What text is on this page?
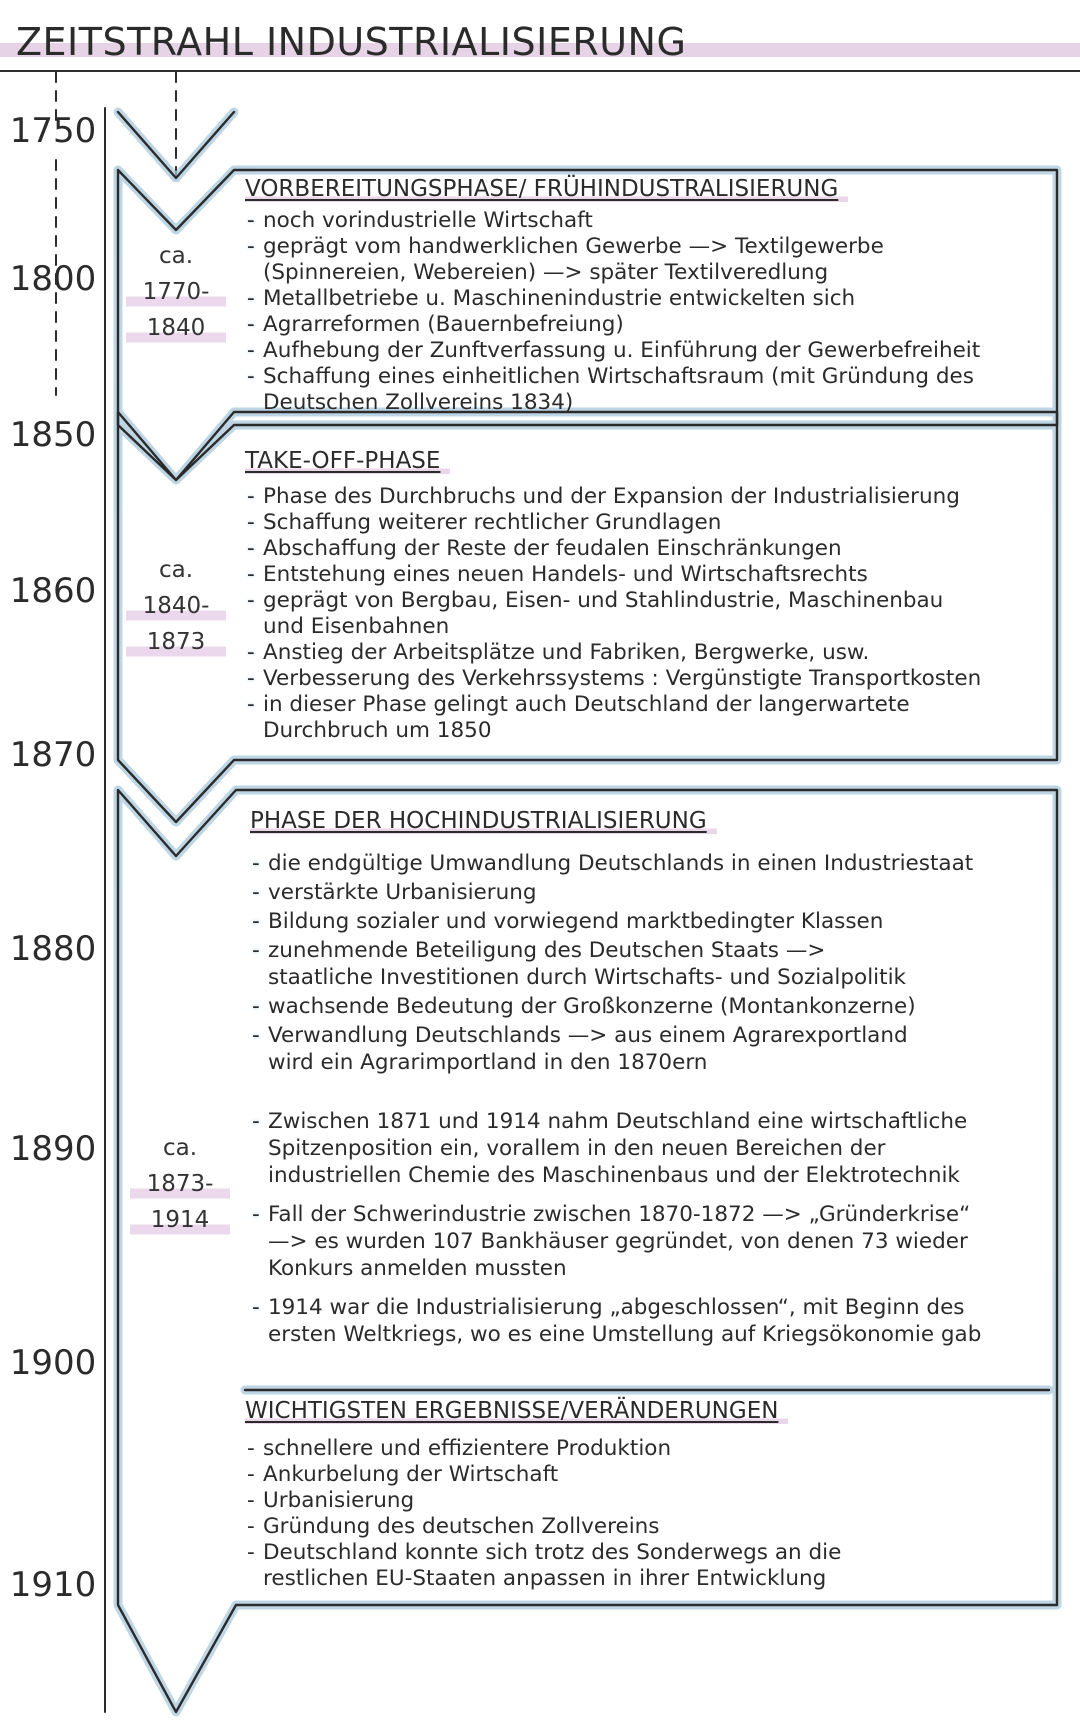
ZEITSTRAHL INDUSTRIALISIERUNG
1750
1800
1850
1860
1870
1880
1890
1900
1910
ca.
1770-
1840
ca.
1840-
1873
ca.
1873-
1914
VORBEREITUNGSPHASE/ FRÜHINDUSTRALISIERUNG
- noch vorindustrielle Wirtschaft
- geprägt vom handwerklichen Gewerbe —> Textilgewerbe
(Spinnereien, Webereien) —> später Textilveredlung
- Metallbetriebe u. Maschinenindustrie entwickelten sich
- Agrarreformen (Bauernbefreiung)
- Aufhebung der Zunftverfassung u. Einführung der Gewerbefreiheit
- Schaffung eines einheitlichen Wirtschaftsraum (mit Gründung des
Deutschen Zollvereins 1834)
TAKE-OFF-PHASE
- Phase des Durchbruchs und der Expansion der Industrialisierung
- Schaffung weiterer rechtlicher Grundlagen
- Abschaffung der Reste der feudalen Einschränkungen
- Entstehung eines neuen Handels- und Wirtschaftsrechts
- geprägt von Bergbau, Eisen- und Stahlindustrie, Maschinenbau
und Eisenbahnen
- Anstieg der Arbeitsplätze und Fabriken, Bergwerke, usw.
- Verbesserung des Verkehrssystems : Vergünstigte Transportkosten
- in dieser Phase gelingt auch Deutschland der langerwartete
Durchbruch um 1850
PHASE DER HOCHINDUSTRIALISIERUNG
- die endgültige Umwandlung Deutschlands in einen Industriestaat
- verstärkte Urbanisierung
- Bildung sozialer und vorwiegend marktbedingter Klassen
- zunehmende Beteiligung des Deutschen Staats —>
staatliche Investitionen durch Wirtschafts- und Sozialpolitik
- wachsende Bedeutung der Großkonzerne (Montankonzerne)
- Verwandlung Deutschlands —> aus einem Agrarexportland
wird ein Agrarimportland in den 1870ern
- Zwischen 1871 und 1914 nahm Deutschland eine wirtschaftliche
Spitzenposition ein, vorallem in den neuen Bereichen der
industriellen Chemie des Maschinenbaus und der Elektrotechnik
- Fall der Schwerindustrie zwischen 1870-1872 —> „Gründerkrise“
—> es wurden 107 Bankhäuser gegründet, von denen 73 wieder
Konkurs anmelden mussten
- 1914 war die Industrialisierung „abgeschlossen“, mit Beginn des
ersten Weltkriegs, wo es eine Umstellung auf Kriegsökonomie gab
WICHTIGSTEN ERGEBNISSE/VERÄNDERUNGEN
- schnellere und effizientere Produktion
- Ankurbelung der Wirtschaft
- Urbanisierung
- Gründung des deutschen Zollvereins
- Deutschland konnte sich trotz des Sonderwegs an die
restlichen EU-Staaten anpassen in ihrer Entwicklung
